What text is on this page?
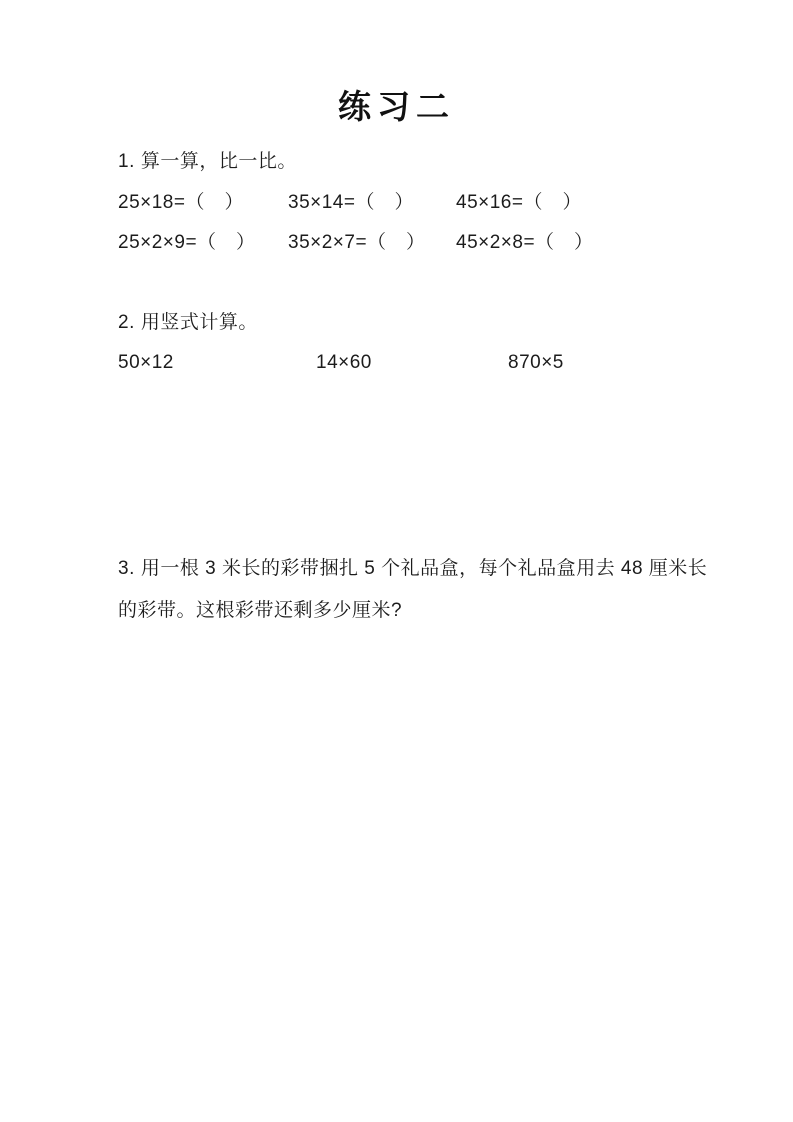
练习二
1. 算一算，比一比。
25×18=（　） 35×14=（　） 45×16=（　）
25×2×9=（　） 35×2×7=（　） 45×2×8=（　）
2. 用竖式计算。
50×12	14×60	870×5
3. 用一根 3 米长的彩带捆扎 5 个礼品盒，每个礼品盒用去 48 厘米长
的彩带。这根彩带还剩多少厘米?
